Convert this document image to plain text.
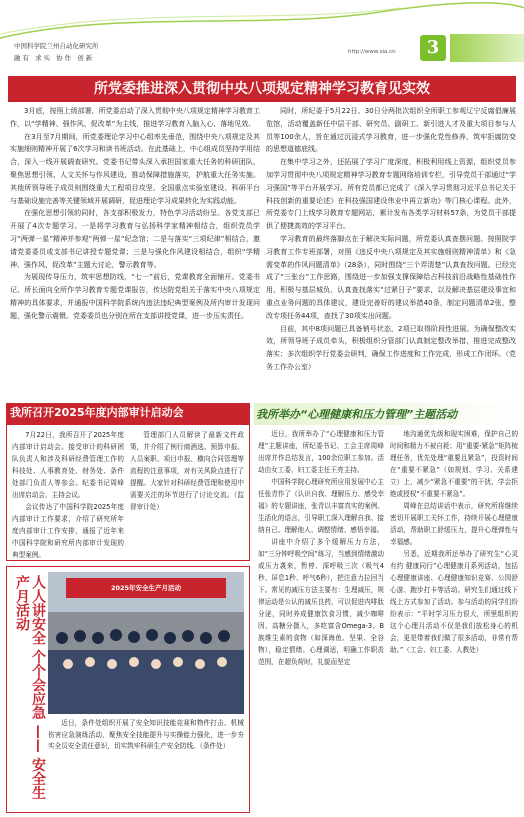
中国科学院兰州自动化研究所
融有 求实 协作 创新
http://www.sia.cn	3
所党委推进深入贯彻中央八项规定精神学习教育见实效

3月底，按照上级部署，所党委启动了深入贯彻中央八项规定精神学习教育工作，以“学精神、强作风、促改革”为主线，推进学习教育入脑入心、落地见效。

在3月至7月期间，所党委理论学习中心组率先垂范，围绕中央八项规定及其实施细则精神开展了6次学习和读书班活动。在此基础上，中心组成员坚持学用结合，深入一线开展调查研究。党委书记带头深入承担国家重大任务的科研团队，聚焦思想引领、人文关怀与作风建设，推动保障措施落实，护航重大任务实施。其他所领导班子成员则围绕重大工程项目攻坚、全国重点实验室建设、科研平台与基础设施完善等关键领域开展调研，促进理论学习成果转化为实践动能。

在强化思想引领的同时，各支部积极发力，特色学习活动纷呈。各党支部已开展了4次专题学习。一是将学习教育与弘扬科学家精神相结合，组织党员学习“两弹一星”精神并参观“两弹一星”纪念馆；二是与落实“三项纪律”相结合，邀请党委委员或支部书记讲授专题党课；三是与强化作风建设相结合，组织“学精神、强作风、促改革”主题大讨论，警示教育等。

为展现传导压力，筑牢思想防线，“七一”前后，党课教育全面铺开。党委书记、所长面向全所作学习教育专题党课报告，传达院党组关于落实中央八项规定精神的具体要求，并通报中国科学院系统内违法违纪典型案例及所内审计发现问题，强化警示震慑。党委委员也分别在所在支部讲授党课，进一步压实责任。

同时，所纪委于5月22日、30日分两批次组织全所职工参观辽宁反腐倡廉展览馆，活动覆盖新任中层干部、研究员、副研工、新引进人才及重大项目参与人员等100余人，旨在通过沉浸式学习教育，进一步强化党性修养，筑牢拒腐防变的思想道德底线。

在集中学习之外，还拓展了学习广度深度，积极利用线上资源，组织党员参加学习贯彻中央八项规定精神学习教育专题网络培训专栏，引导党员干部通过“学习强国”等平台开展学习。所有党员都已完成了《深入学习贯彻习近平总书记关于科技创新的重要论述》在科技强国建设伟业中再立新功》等门核心课程。此外，所党委专门上线学习教育专题网站，累计发布各类学习材料57条，为党员干部提供了便捷高效的学习平台。

学习教育的最终落脚点在于解决实际问题，所党委认真查摆问题。按照院学习教育工作专班部署，对照《违反中央八项规定及其实施细则精神清单》和《急需变革的作风问题清单》（28条），同时围绕“三个弄清楚”认真查找问题。已经完成了“三张台”工作思路，围绕进一步加强支撑保障给占科技前沿战略性基础性作用，积极与基层城负、认真查找落实“过紧日子”要求，以及解决基层建设事宜和重点业务问题的具体建议，建设完善好的建议举措40条，制定问题清单2张，整改专项任务44项，查找了30项实出问题。

目前，其中8项问题已具备销号状态，2项已取得阶段性进展。为确保整改实效，所领导班子成员牵头，积极组织分管部门认真制定整改举措，推进完成整改落实；多次组织学行党委会研判，确保工作进度和工作完成，形成工作闭环。（党务工作办公室）

我所召开2025年度内部审计启动会

7月22日，我所召开了2025年度内部审计启动会。接受审计的科研团队负责人和涉及科研经费管理工作的科技处、人事教育处、财务处、条件处部门负责人等参会。纪委书记周峰出席启动会，主持会议。

会议传达了中国科学院2025年度内部审计工作要求，介绍了研究所年度内部审计工作安排，通报了近年来中国科学院和研究所内部审计发现的典型案例。

管理部门人员解读了最新文件政策，并介绍了例行商酒选、预算申报、人员案职、项目申报、横向合同管理等流程的注意事项，对有关风险点进行了提醒。大家针对科研经费管理和使用中需要关注的环节进行了讨论交流。（监督审计处）

2025年安全生产月活动
人人讲安全 个个会应急 —— 安全生产月活动

近日，条件处组织开展了安全知识技能竞赛和物件打击、机械伤害应急演练活动，聚焦安全技能提升与实操能力强化，进一步夯实全员安全责任意识，切实筑牢科研生产安全防线。（条件处）

我所举办“心理健康和压力管理”主题活动

近日，我所举办了“心理健康和压力管理”主题讲座，所纪委书记、工会主席周峰出席并作总结发言，100余位职工参加。活动由女工委、妇工委主任王亮主持。

中国科学院心理研究所应用发展中心主任张青作了《认识自我、理解压力、感受幸福》的专题讲座，张青以丰富真实的案例、生活化的语言，引导职工深入理解自我、接纳自己、理解他人、调整情绪、感悟幸福。

讲座中介绍了多个缓解压力方法，如“三分钟呼吸空间”练习，当感到情绪激动或压力袭来，暂停、深呼吸三次（吸气4秒、屏息1秒、呼气6秒），把注意力拉回当下。常见的减压方法主要有：生理减压，规律运动是公认的减压良药，可以促进内啡肽分泌，同时养成健康饮食习惯，减少咖啡因、高糖分摄入，多吃富含Omega-3、B族维生素的食物（如深海鱼、坚果、全谷物），稳定情绪。心理调适，明确工作职责范围，在超负荷时，礼貌而坚定

地沟通优先级和现实困难，保护自己的时间和精力不被自耗；用“重要-紧急”矩阵梳理任务，优先处理“重要且紧急”，投资时间在“重要不紧急”（如规划、学习、关系建立）上，减少“紧急不重要”的干扰，学会拒绝或授权“不重要不紧急”。

周峰在总结讲话中表示，研究所将继续密切开展职工关怀工作，持续开展心理健康活动，帮助职工舒缓压力，提升心理弹性与幸福感。

另悉，近期我所还举办了研究生“心灵有约 健康同行”心理健康月系列活动，包括心理健康讲座、心理健康知识竞赛、公园舒心游、跑步打卡等活动。研究生们通过线下线上方式参加了活动。参与活动的同学们纷纷表示：“平时学习压力很大，所里组织的这个心理月活动不仅是我们放松身心的机会，更是带着我们做了很多活动，非常有帮助。”（工会、妇工委、人教处）
